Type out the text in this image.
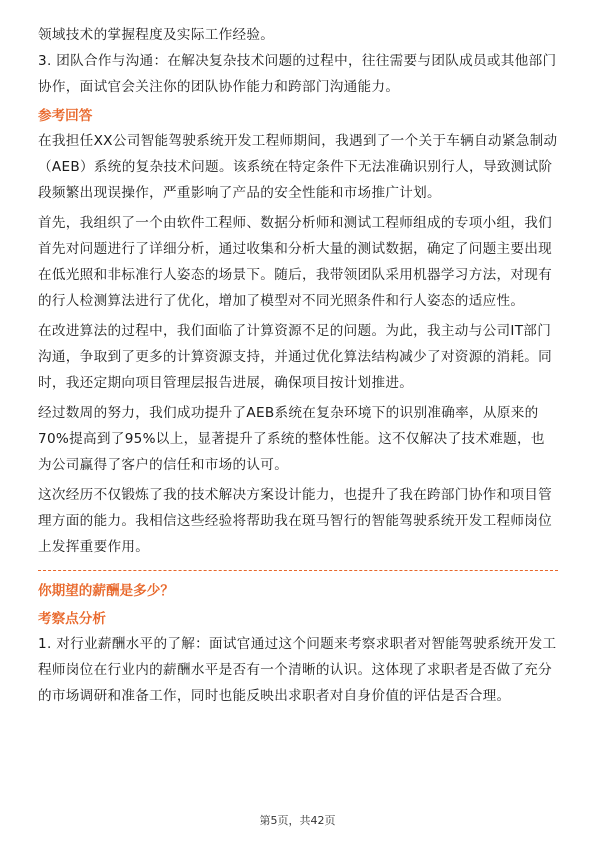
领域技术的掌握程度及实际工作经验。

3. 团队合作与沟通：在解决复杂技术问题的过程中，往往需要与团队成员或其他部门协作，面试官会关注你的团队协作能力和跨部门沟通能力。

参考回答

在我担任XX公司智能驾驶系统开发工程师期间，我遇到了一个关于车辆自动紧急制动（AEB）系统的复杂技术问题。该系统在特定条件下无法准确识别行人，导致测试阶段频繁出现误操作，严重影响了产品的安全性能和市场推广计划。

首先，我组织了一个由软件工程师、数据分析师和测试工程师组成的专项小组，我们首先对问题进行了详细分析，通过收集和分析大量的测试数据，确定了问题主要出现在低光照和非标准行人姿态的场景下。随后，我带领团队采用机器学习方法，对现有的行人检测算法进行了优化，增加了模型对不同光照条件和行人姿态的适应性。

在改进算法的过程中，我们面临了计算资源不足的问题。为此，我主动与公司IT部门沟通，争取到了更多的计算资源支持，并通过优化算法结构减少了对资源的消耗。同时，我还定期向项目管理层报告进展，确保项目按计划推进。

经过数周的努力，我们成功提升了AEB系统在复杂环境下的识别准确率，从原来的70%提高到了95%以上，显著提升了系统的整体性能。这不仅解决了技术难题，也为公司赢得了客户的信任和市场的认可。

这次经历不仅锻炼了我的技术解决方案设计能力，也提升了我在跨部门协作和项目管理方面的能力。我相信这些经验将帮助我在斑马智行的智能驾驶系统开发工程师岗位上发挥重要作用。

你期望的薪酬是多少？
考察点分析

1. 对行业薪酬水平的了解：面试官通过这个问题来考察求职者对智能驾驶系统开发工程师岗位在行业内的薪酬水平是否有一个清晰的认识。这体现了求职者是否做了充分的市场调研和准备工作，同时也能反映出求职者对自身价值的评估是否合理。

第5页，共42页
